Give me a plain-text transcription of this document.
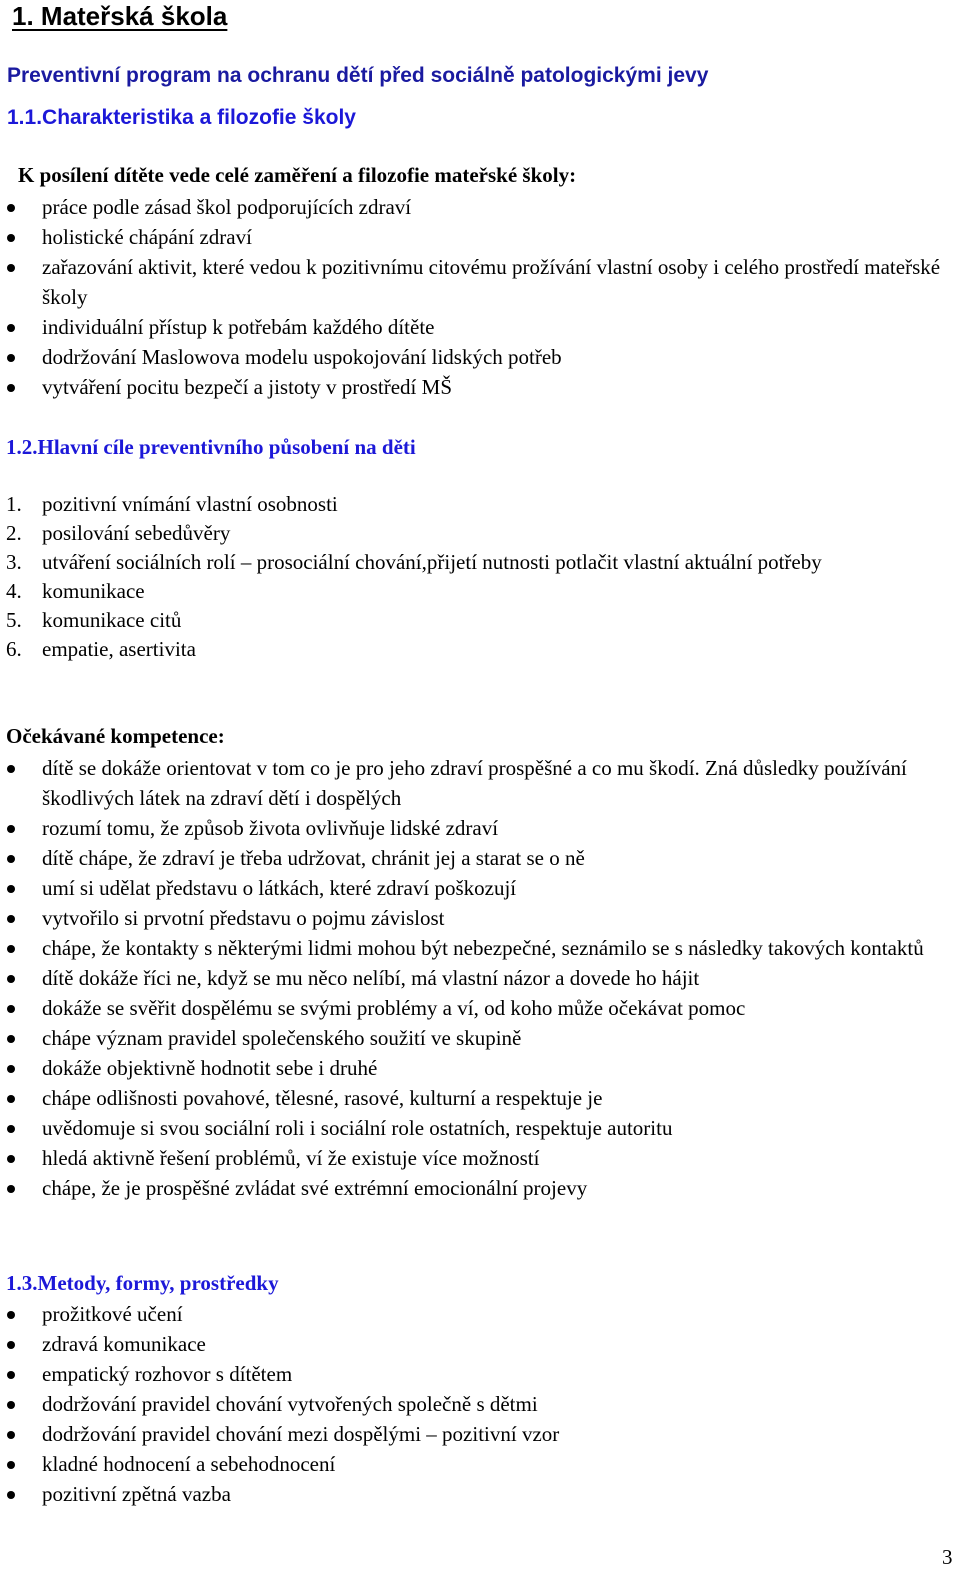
1. Mateřská škola
Preventivní program na ochranu dětí před sociálně patologickými jevy
1.1.Charakteristika a filozofie školy
K posílení dítěte vede celé zaměření a filozofie mateřské školy:
práce podle zásad škol podporujících zdraví
holistické chápání zdraví
zařazování aktivit, které vedou k pozitivnímu citovému prožívání vlastní osoby i celého prostředí mateřské školy
individuální přístup k potřebám každého dítěte
dodržování Maslowova modelu uspokojování lidských potřeb
vytváření pocitu bezpečí a jistoty v prostředí MŠ
1.2.Hlavní cíle preventivního působení na děti
1. pozitivní vnímání vlastní osobnosti
2. posilování sebedůvěry
3. utváření sociálních rolí – prosociální chování,přijetí nutnosti potlačit vlastní aktuální potřeby
4. komunikace
5. komunikace citů
6. empatie, asertivita
Očekávané kompetence:
dítě se dokáže orientovat v tom co je pro jeho zdraví prospěšné a co mu škodí. Zná důsledky používání škodlivých látek na zdraví dětí i dospělých
rozumí tomu, že způsob života ovlivňuje lidské zdraví
dítě chápe, že zdraví je třeba udržovat, chránit jej a starat se o ně
umí si udělat představu o látkách, které zdraví poškozují
vytvořilo si prvotní představu o pojmu závislost
chápe, že kontakty s některými lidmi mohou být nebezpečné, seznámilo se s následky takových kontaktů
dítě dokáže říci ne, když se mu něco nelíbí, má vlastní názor a dovede ho hájit
dokáže se svěřit dospělému se svými problémy a ví, od koho může očekávat pomoc
chápe význam pravidel společenského soužití ve skupině
dokáže objektivně hodnotit sebe i druhé
chápe odlišnosti povahové, tělesné, rasové, kulturní a respektuje je
uvědomuje si svou sociální roli i sociální role ostatních, respektuje autoritu
hledá aktivně řešení problémů, ví že existuje více možností
chápe, že je prospěšné zvládat své extrémní emocionální projevy
1.3.Metody, formy, prostředky
prožitkové učení
zdravá komunikace
empatický rozhovor s dítětem
dodržování pravidel chování vytvořených společně s dětmi
dodržování pravidel chování mezi dospělými – pozitivní vzor
kladné hodnocení a sebehodnocení
pozitivní zpětná vazba
3
